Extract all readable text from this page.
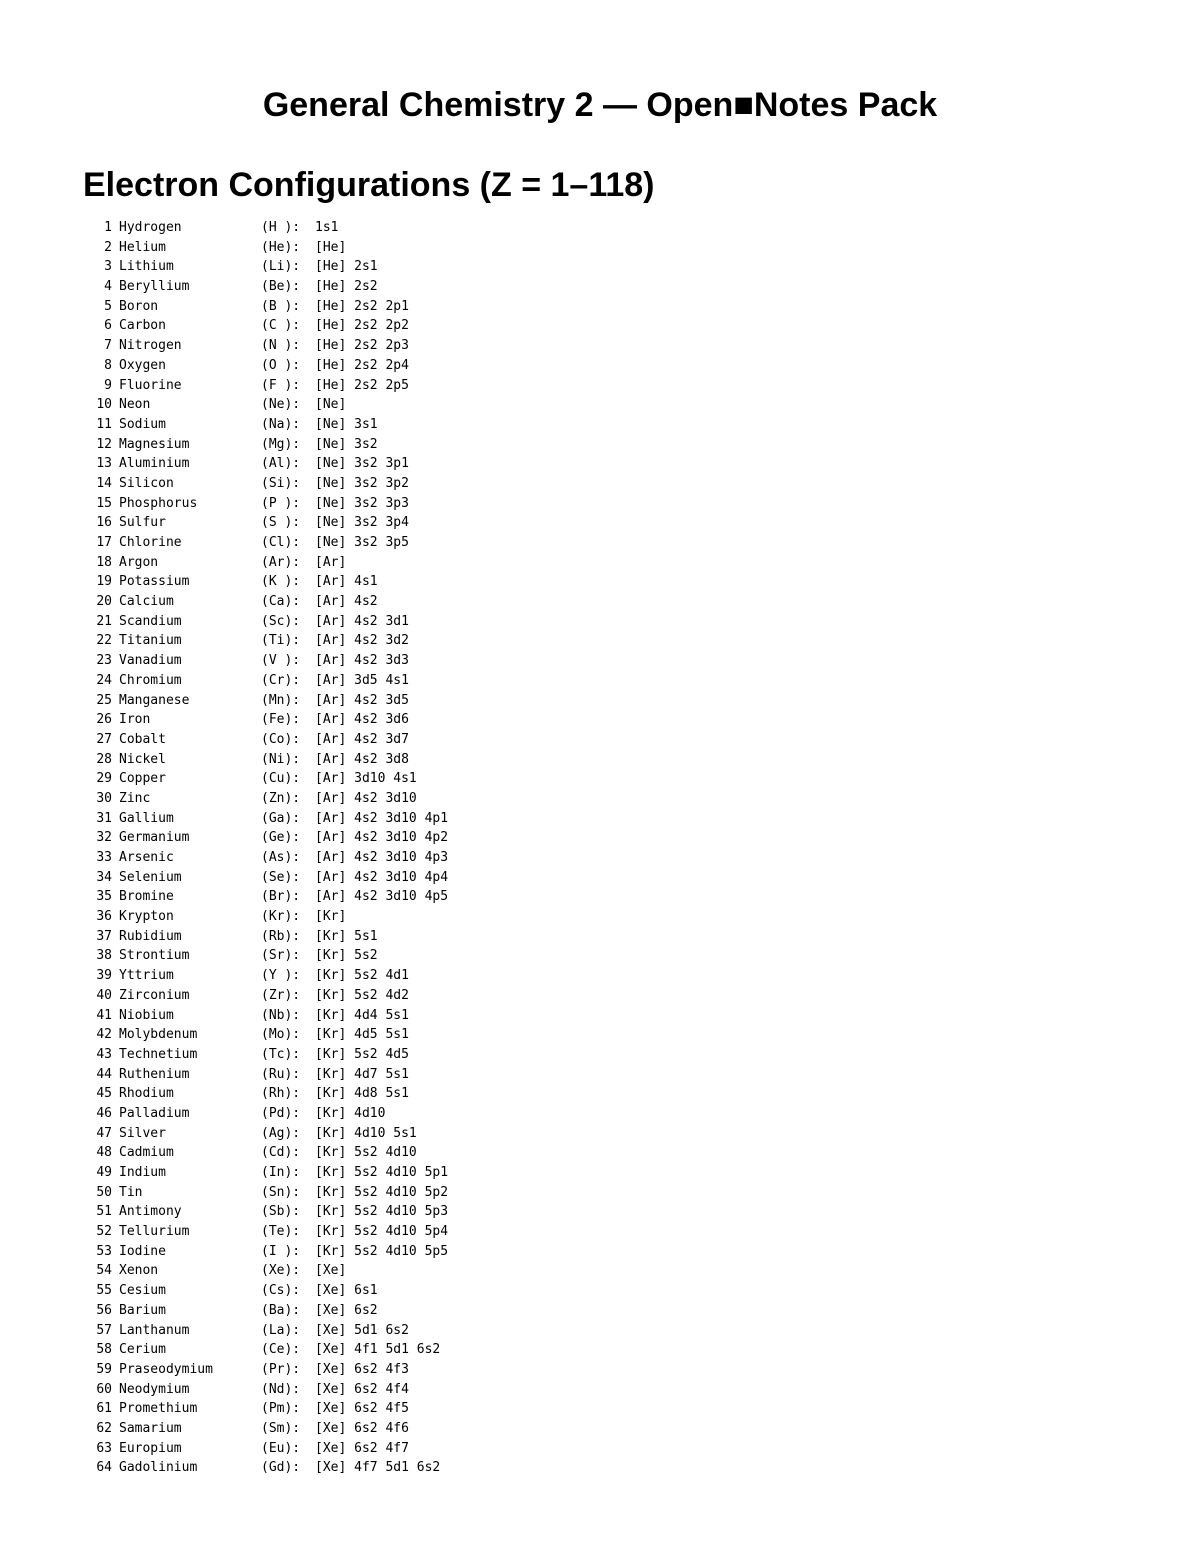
General Chemistry 2 — Open■Notes Pack
Electron Configurations (Z = 1–118)
1 Hydrogen	(H ): 1s1
2 Helium	(He): [He]
3 Lithium	(Li): [He] 2s1
4 Beryllium	(Be): [He] 2s2
5 Boron	(B ): [He] 2s2 2p1
6 Carbon	(C ): [He] 2s2 2p2
7 Nitrogen	(N ): [He] 2s2 2p3
8 Oxygen	(O ): [He] 2s2 2p4
9 Fluorine	(F ): [He] 2s2 2p5
10 Neon	(Ne): [Ne]
11 Sodium	(Na): [Ne] 3s1
12 Magnesium	(Mg): [Ne] 3s2
13 Aluminium	(Al): [Ne] 3s2 3p1
14 Silicon	(Si): [Ne] 3s2 3p2
15 Phosphorus	(P ): [Ne] 3s2 3p3
16 Sulfur	(S ): [Ne] 3s2 3p4
17 Chlorine	(Cl): [Ne] 3s2 3p5
18 Argon	(Ar): [Ar]
19 Potassium	(K ): [Ar] 4s1
20 Calcium	(Ca): [Ar] 4s2
21 Scandium	(Sc): [Ar] 4s2 3d1
22 Titanium	(Ti): [Ar] 4s2 3d2
23 Vanadium	(V ): [Ar] 4s2 3d3
24 Chromium	(Cr): [Ar] 3d5 4s1
25 Manganese	(Mn): [Ar] 4s2 3d5
26 Iron	(Fe): [Ar] 4s2 3d6
27 Cobalt	(Co): [Ar] 4s2 3d7
28 Nickel	(Ni): [Ar] 4s2 3d8
29 Copper	(Cu): [Ar] 3d10 4s1
30 Zinc	(Zn): [Ar] 4s2 3d10
31 Gallium	(Ga): [Ar] 4s2 3d10 4p1
32 Germanium	(Ge): [Ar] 4s2 3d10 4p2
33 Arsenic	(As): [Ar] 4s2 3d10 4p3
34 Selenium	(Se): [Ar] 4s2 3d10 4p4
35 Bromine	(Br): [Ar] 4s2 3d10 4p5
36 Krypton	(Kr): [Kr]
37 Rubidium	(Rb): [Kr] 5s1
38 Strontium	(Sr): [Kr] 5s2
39 Yttrium	(Y ): [Kr] 5s2 4d1
40 Zirconium	(Zr): [Kr] 5s2 4d2
41 Niobium	(Nb): [Kr] 4d4 5s1
42 Molybdenum	(Mo): [Kr] 4d5 5s1
43 Technetium	(Tc): [Kr] 5s2 4d5
44 Ruthenium	(Ru): [Kr] 4d7 5s1
45 Rhodium	(Rh): [Kr] 4d8 5s1
46 Palladium	(Pd): [Kr] 4d10
47 Silver	(Ag): [Kr] 4d10 5s1
48 Cadmium	(Cd): [Kr] 5s2 4d10
49 Indium	(In): [Kr] 5s2 4d10 5p1
50 Tin	(Sn): [Kr] 5s2 4d10 5p2
51 Antimony	(Sb): [Kr] 5s2 4d10 5p3
52 Tellurium	(Te): [Kr] 5s2 4d10 5p4
53 Iodine	(I ): [Kr] 5s2 4d10 5p5
54 Xenon	(Xe): [Xe]
55 Cesium	(Cs): [Xe] 6s1
56 Barium	(Ba): [Xe] 6s2
57 Lanthanum	(La): [Xe] 5d1 6s2
58 Cerium	(Ce): [Xe] 4f1 5d1 6s2
59 Praseodymium	(Pr): [Xe] 6s2 4f3
60 Neodymium	(Nd): [Xe] 6s2 4f4
61 Promethium	(Pm): [Xe] 6s2 4f5
62 Samarium	(Sm): [Xe] 6s2 4f6
63 Europium	(Eu): [Xe] 6s2 4f7
64 Gadolinium	(Gd): [Xe] 4f7 5d1 6s2
